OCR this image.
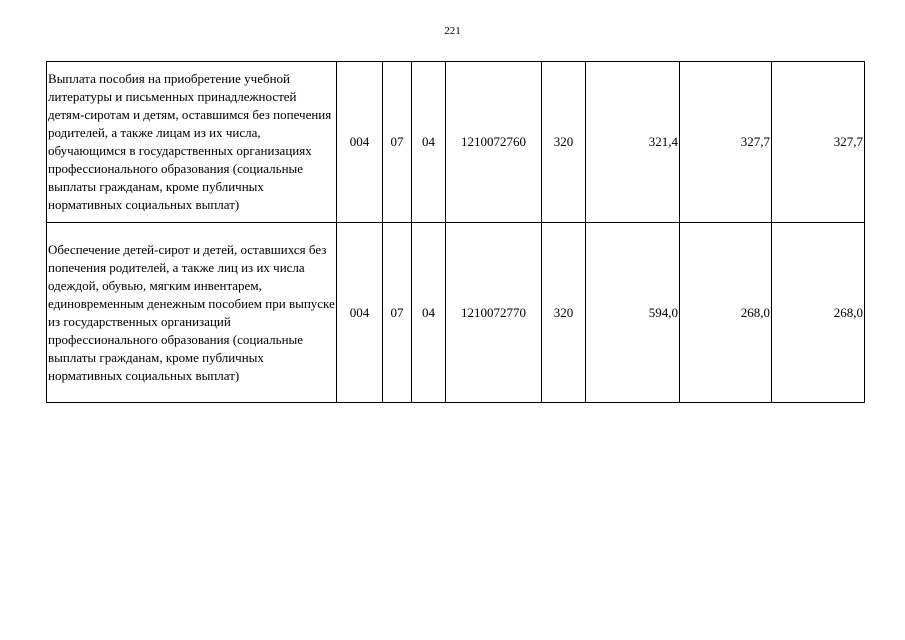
221
Выплата пособия на приобретение учебной литературы и письменных принадлежностей детям-сиротам и детям, оставшимся без попечения родителей, а также лицам из их числа, обучающимся в государственных организациях профессионального образования (социальные выплаты гражданам, кроме публичных нормативных социальных выплат)	004	07	04	1210072760	320	321,4	327,7	327,7
Обеспечение детей-сирот и детей, оставшихся без попечения родителей, а также лиц из их числа одеждой, обувью, мягким инвентарем, единовременным денежным пособием при выпуске из государственных организаций профессионального образования (социальные выплаты гражданам, кроме публичных нормативных социальных выплат)	004	07	04	1210072770	320	594,0	268,0	268,0
